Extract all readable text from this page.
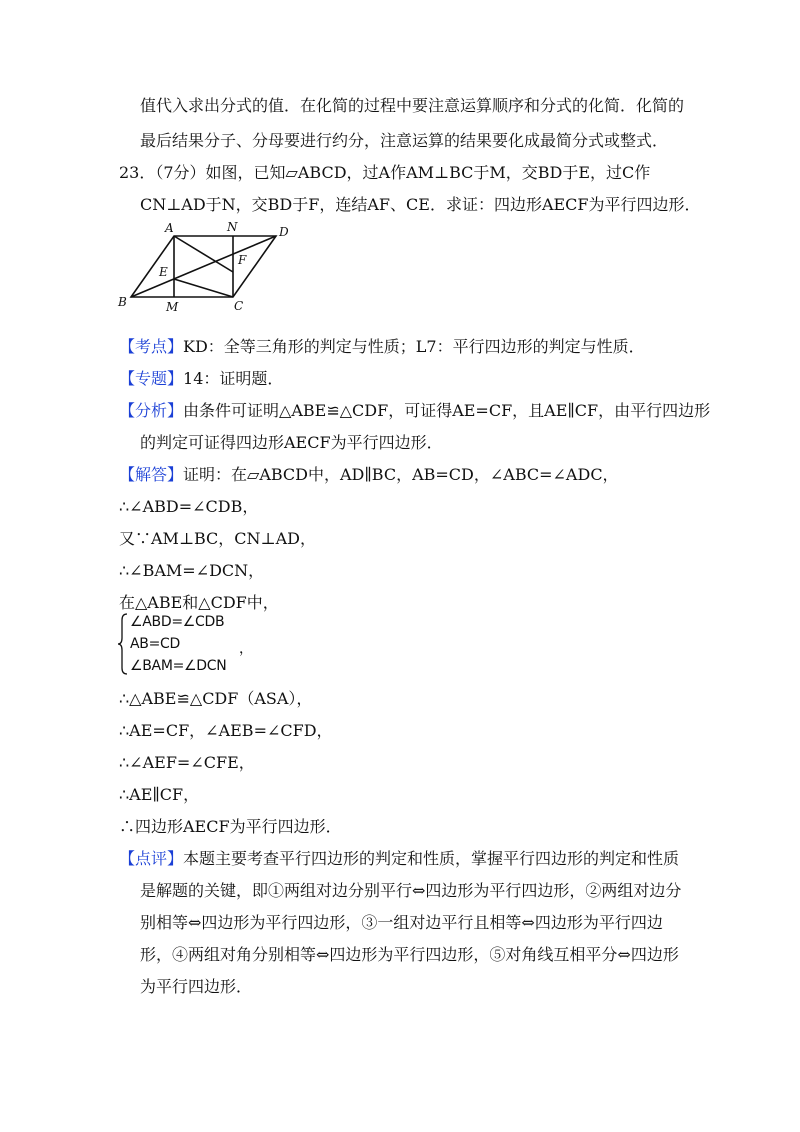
值代入求出分式的值．在化简的过程中要注意运算顺序和分式的化简．化简的
最后结果分子、分母要进行约分，注意运算的结果要化成最简分式或整式．
23．（7分）如图，已知▱ABCD，过A作AM⊥BC于M，交BD于E，过C作
CN⊥AD于N，交BD于F，连结AF、CE．求证：四边形AECF为平行四边形．
A	N	D
F
E
B	M	C
【考点】KD：全等三角形的判定与性质；L7：平行四边形的判定与性质．
【专题】14：证明题．
【分析】由条件可证明△ABE≌△CDF，可证得AE=CF，且AE∥CF，由平行四边形
的判定可证得四边形AECF为平行四边形．
【解答】证明：在▱ABCD中，AD∥BC，AB=CD，∠ABC=∠ADC，
∴∠ABD=∠CDB，
又∵AM⊥BC，CN⊥AD，
∴∠BAM=∠DCN，
在△ABE和△CDF中，
∠ABD=∠CDB
AB=CD
∠BAM=∠DCN
，
∴△ABE≌△CDF（ASA），
∴AE=CF，∠AEB=∠CFD，
∴∠AEF=∠CFE，
∴AE∥CF，
∴四边形AECF为平行四边形．
【点评】本题主要考查平行四边形的判定和性质，掌握平行四边形的判定和性质
是解题的关键，即①两组对边分别平行⇔四边形为平行四边形，②两组对边分
别相等⇔四边形为平行四边形，③一组对边平行且相等⇔四边形为平行四边
形，④两组对角分别相等⇔四边形为平行四边形，⑤对角线互相平分⇔四边形
为平行四边形．
